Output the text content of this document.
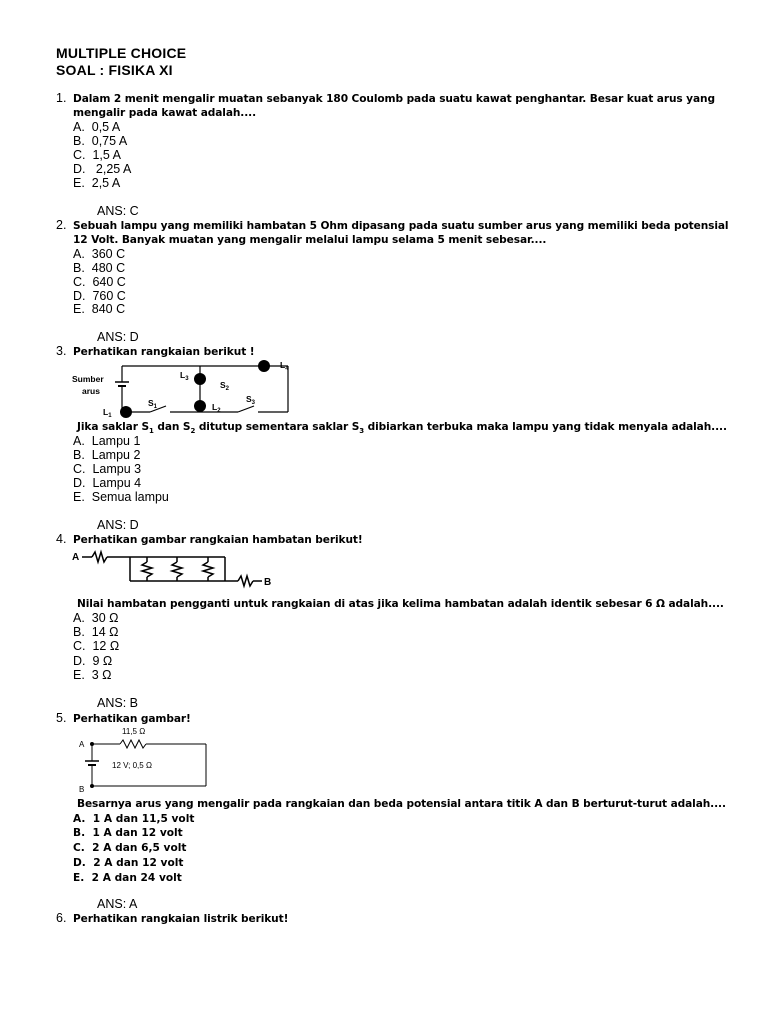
MULTIPLE CHOICE
SOAL : FISIKA XI
1. Dalam 2 menit mengalir muatan sebanyak 180 Coulomb pada suatu kawat penghantar. Besar kuat arus yang mengalir pada kawat adalah....
A.  0,5 A
B.  0,75 A
C.  1,5 A
D.   2,25 A
E.  2,5 A
ANS: C
2. Sebuah lampu yang memiliki hambatan 5 Ohm dipasang pada suatu sumber arus yang memiliki beda potensial 12 Volt. Banyak muatan yang mengalir melalui lampu selama 5 menit sebesar....
A.  360 C
B.  480 C
C.  640 C
D.  760 C
E.  840 C
ANS: D
3. Perhatikan rangkaian berikut !
Sumber
arus
$L_1$
$S_1$	$L_2$
$L_3$
$S_2$
$S_3$
$L_4$
Jika saklar $S_1$ dan $S_2$ ditutup sementara saklar $S_3$ dibiarkan terbuka maka lampu yang tidak menyala adalah....
A.  Lampu 1
B.  Lampu 2
C.  Lampu 3
D.  Lampu 4
E.  Semua lampu
ANS: D
4. Perhatikan gambar rangkaian hambatan berikut!
A
B
Nilai hambatan pengganti untuk rangkaian di atas jika kelima hambatan adalah identik sebesar 6 Ω adalah....
A.  30 Ω
B.  14 Ω
C.  12 Ω
D.  9 Ω
E.  3 Ω
ANS: B
5. Perhatikan gambar!
11,5 Ω
12 V; 0,5 Ω
A
B
Besarnya arus yang mengalir pada rangkaian dan beda potensial antara titik A dan B berturut-turut adalah....
A.  1 A dan 11,5 volt
B.  1 A dan 12 volt
C.  2 A dan 6,5 volt
D.  2 A dan 12 volt
E.  2 A dan 24 volt
ANS: A
6. Perhatikan rangkaian listrik berikut!
